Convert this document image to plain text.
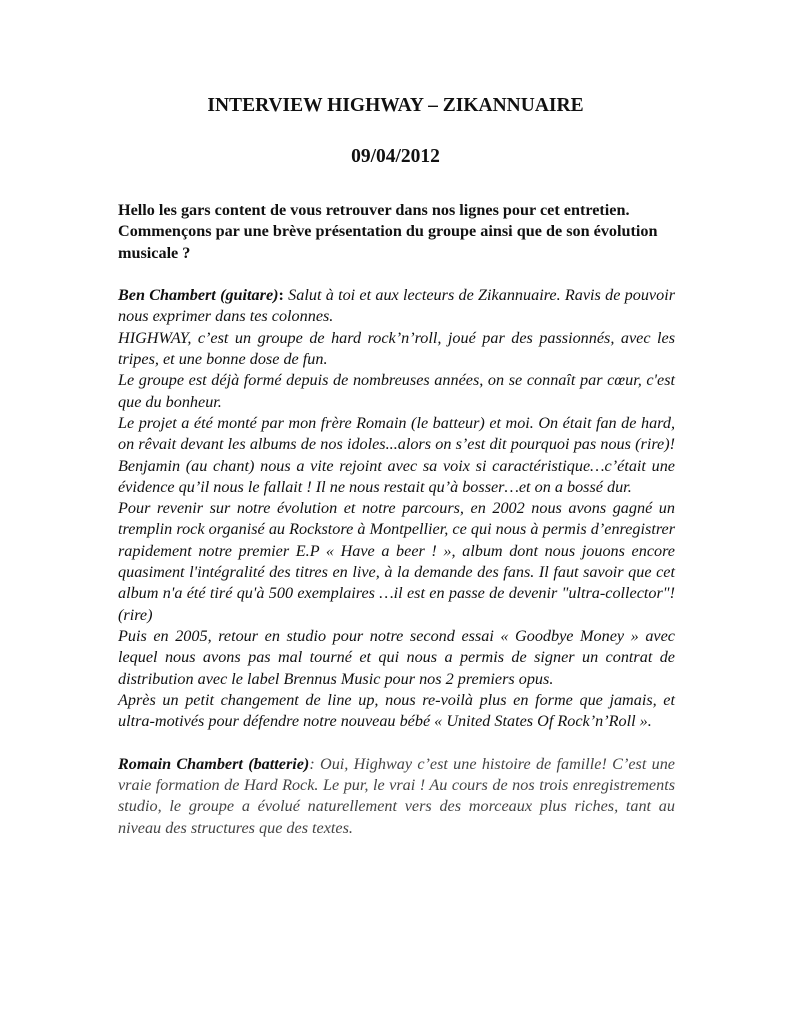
INTERVIEW HIGHWAY – ZIKANNUAIRE
09/04/2012

Hello les gars content de vous retrouver dans nos lignes pour cet entretien. Commençons par une brève présentation du groupe ainsi que de son évolution musicale ?

Ben Chambert (guitare): Salut à toi et aux lecteurs de Zikannuaire. Ravis de pouvoir nous exprimer dans tes colonnes.
HIGHWAY, c’est un groupe de hard rock’n’roll, joué par des passionnés, avec les tripes, et une bonne dose de fun.
Le groupe est déjà formé depuis de nombreuses années, on se connaît par cœur, c'est que du bonheur.
Le projet a été monté par mon frère Romain (le batteur) et moi. On était fan de hard, on rêvait devant les albums de nos idoles...alors on s’est dit pourquoi pas nous (rire)! Benjamin (au chant) nous a vite rejoint avec sa voix si caractéristique…c’était une évidence qu’il nous le fallait ! Il ne nous restait qu’à bosser…et on a bossé dur.
Pour revenir sur notre évolution et notre parcours, en 2002 nous avons gagné un tremplin rock organisé au Rockstore à Montpellier, ce qui nous à permis d’enregistrer rapidement notre premier E.P « Have a beer ! », album dont nous jouons encore quasiment l'intégralité des titres en live, à la demande des fans. Il faut savoir que cet album n'a été tiré qu'à 500 exemplaires …il est en passe de devenir "ultra-collector"! (rire)
Puis en 2005, retour en studio pour notre second essai « Goodbye Money » avec lequel nous avons pas mal tourné et qui nous a permis de signer un contrat de distribution avec le label Brennus Music pour nos 2 premiers opus.
Après un petit changement de line up, nous re-voilà plus en forme que jamais, et ultra-motivés pour défendre notre nouveau bébé « United States Of Rock’n’Roll ».
Romain Chambert (batterie): Oui, Highway c’est une histoire de famille! C’est une vraie formation de Hard Rock. Le pur, le vrai ! Au cours de nos trois enregistrements studio, le groupe a évolué naturellement vers des morceaux plus riches, tant au niveau des structures que des textes.
